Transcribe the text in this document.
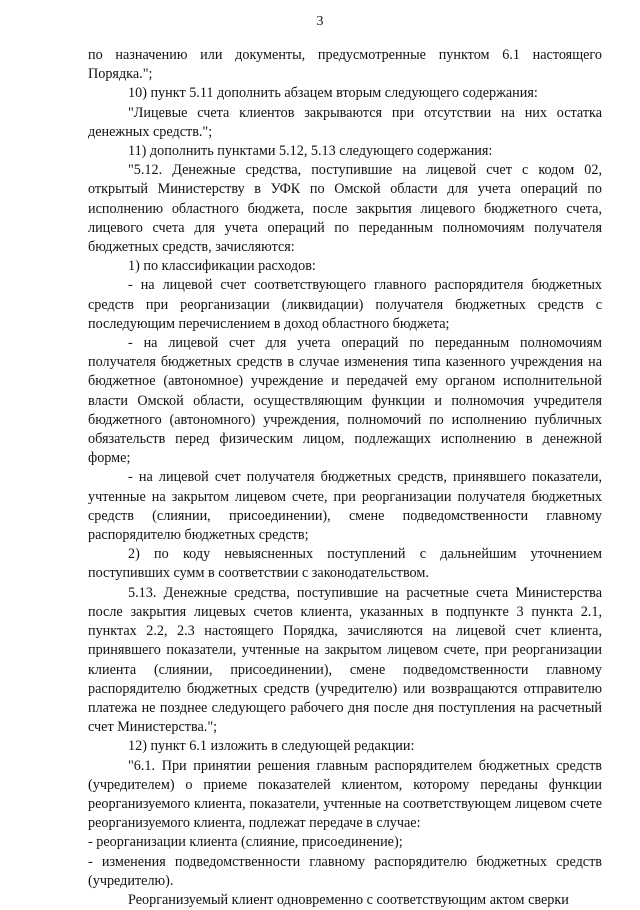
3

по назначению или документы, предусмотренные пунктом 6.1 настоящего Порядка.";

10) пункт 5.11 дополнить абзацем вторым следующего содержания:

"Лицевые счета клиентов закрываются при отсутствии на них остатка денежных средств.";

11) дополнить пунктами 5.12, 5.13 следующего содержания:

"5.12. Денежные средства, поступившие на лицевой счет с кодом 02, открытый Министерству в УФК по Омской области для учета операций по исполнению областного бюджета, после закрытия лицевого бюджетного счета, лицевого счета для учета операций по переданным полномочиям получателя бюджетных средств, зачисляются:

1) по классификации расходов:

- на лицевой счет соответствующего главного распорядителя бюджетных средств при реорганизации (ликвидации) получателя бюджетных средств с последующим перечислением в доход областного бюджета;

- на лицевой счет для учета операций по переданным полномочиям получателя бюджетных средств в случае изменения типа казенного учреждения на бюджетное (автономное) учреждение и передачей ему органом исполнительной власти Омской области, осуществляющим функции и полномочия учредителя бюджетного (автономного) учреждения, полномочий по исполнению публичных обязательств перед физическим лицом, подлежащих исполнению в денежной форме;

- на лицевой счет получателя бюджетных средств, принявшего показатели, учтенные на закрытом лицевом счете, при реорганизации получателя бюджетных средств (слиянии, присоединении), смене подведомственности главному распорядителю бюджетных средств;

2) по коду невыясненных поступлений с дальнейшим уточнением поступивших сумм в соответствии с законодательством.

5.13. Денежные средства, поступившие на расчетные счета Министерства после закрытия лицевых счетов клиента, указанных в подпункте 3 пункта 2.1, пунктах 2.2, 2.3 настоящего Порядка, зачисляются на лицевой счет клиента, принявшего показатели, учтенные на закрытом лицевом счете, при реорганизации клиента (слиянии, присоединении), смене подведомственности главному распорядителю бюджетных средств (учредителю) или возвращаются отправителю платежа не позднее следующего рабочего дня после дня поступления на расчетный счет Министерства.";

12) пункт 6.1 изложить в следующей редакции:

"6.1. При принятии решения главным распорядителем бюджетных средств (учредителем) о приеме показателей клиентом, которому переданы функции реорганизуемого клиента, показатели, учтенные на соответствующем лицевом счете реорганизуемого клиента, подлежат передаче в случае:

- реорганизации клиента (слияние, присоединение);

- изменения подведомственности главному распорядителю бюджетных средств (учредителю).

Реорганизуемый клиент одновременно с соответствующим актом сверки
